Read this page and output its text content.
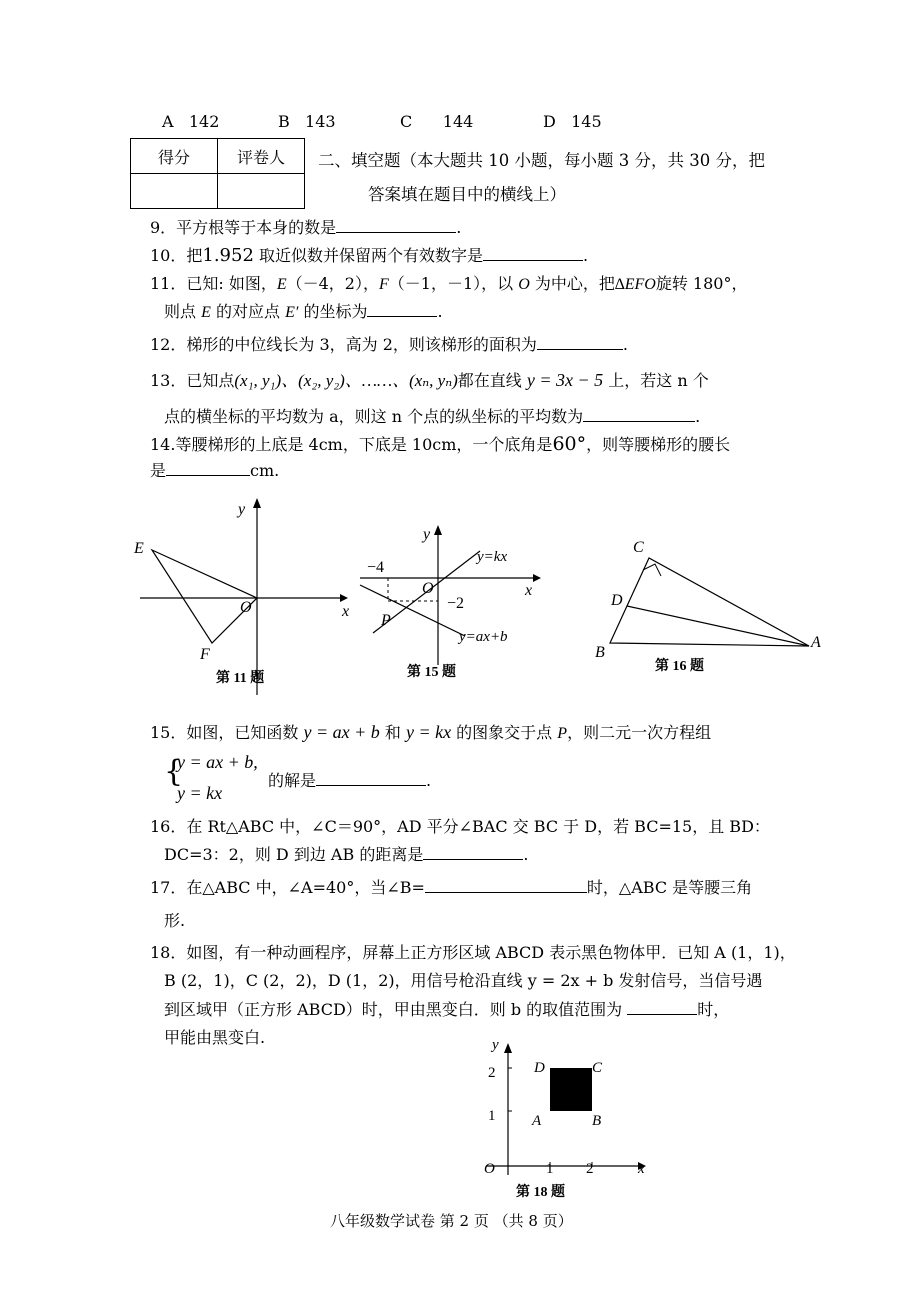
A 142	B 143	C 144	D 145
得分	评卷人
	二、填空题（本大题共 10 小题，每小题 3 分，共 30 分，把
答案填在题目中的横线上）
9．平方根等于本身的数是	.
10．把1.952 取近似数并保留两个有效数字是	.
11．已知: 如图，E（－4，2），F（－1，－1），以 O 为中心，把∆EFO旋转 180°，
则点 E 的对应点 E′ 的坐标为	.
12．梯形的中位线长为 3，高为 2，则该梯形的面积为	.
13．已知点(x₁, y₁)、(x₂, y₂)、……、(xₙ, yₙ)都在直线 y = 3x − 5 上，若这 n 个
点的横坐标的平均数为 a，则这 n 个点的纵坐标的平均数为	.
14.等腰梯形的上底是 4cm，下底是 10cm，一个底角是60°，则等腰梯形的腰长
是	cm.
y
x
O
E
F
第 11 题
y
x
O
P
−4
−2
y=kx
y=ax+b
第 15 题
C
D
B
A
第 16 题
15．如图，已知函数 y = ax + b 和 y = kx 的图象交于点 P，则二元一次方程组
{
y = ax + b,
y = kx
的解是	.
16．在 Rt△ABC 中，∠C＝90°，AD 平分∠BAC 交 BC 于 D，若 BC=15，且 BD：
DC=3：2，则 D 到边 AB 的距离是	.
17．在△ABC 中，∠A=40°，当∠B=	时，△ABC 是等腰三角
形.
18．如图，有一种动画程序，屏幕上正方形区域 ABCD 表示黑色物体甲．已知 A (1，1)，
B (2，1)，C (2，2)，D (1，2)，用信号枪沿直线 y = 2x + b 发射信号，当信号遇
到区域甲（正方形 ABCD）时，甲由黑变白．则 b 的取值范围为	时，
甲能由黑变白.	y
x
O
2
1
1 2
D	C
A	B
第 18 题
八年级数学试卷 第 2 页 （共 8 页）
